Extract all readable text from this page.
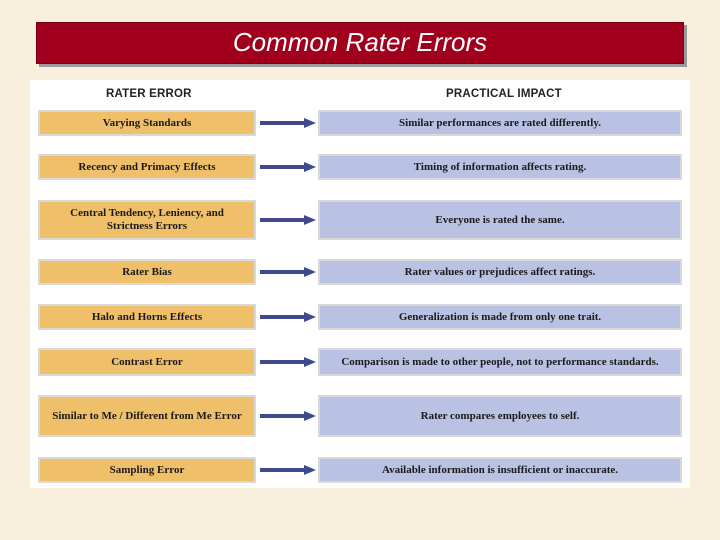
Common Rater Errors
RATER ERROR	PRACTICAL IMPACT
Varying Standards	Similar performances are rated differently.
Recency and Primacy Effects	Timing of information affects rating.
Central Tendency, Leniency, and Strictness Errors	Everyone is rated the same.
Rater Bias	Rater values or prejudices affect ratings.
Halo and Horns Effects	Generalization is made from only one trait.
Contrast Error	Comparison is made to other people, not to performance standards.
Similar to Me / Different from Me Error	Rater compares employees to self.
Sampling Error	Available information is insufficient or inaccurate.
